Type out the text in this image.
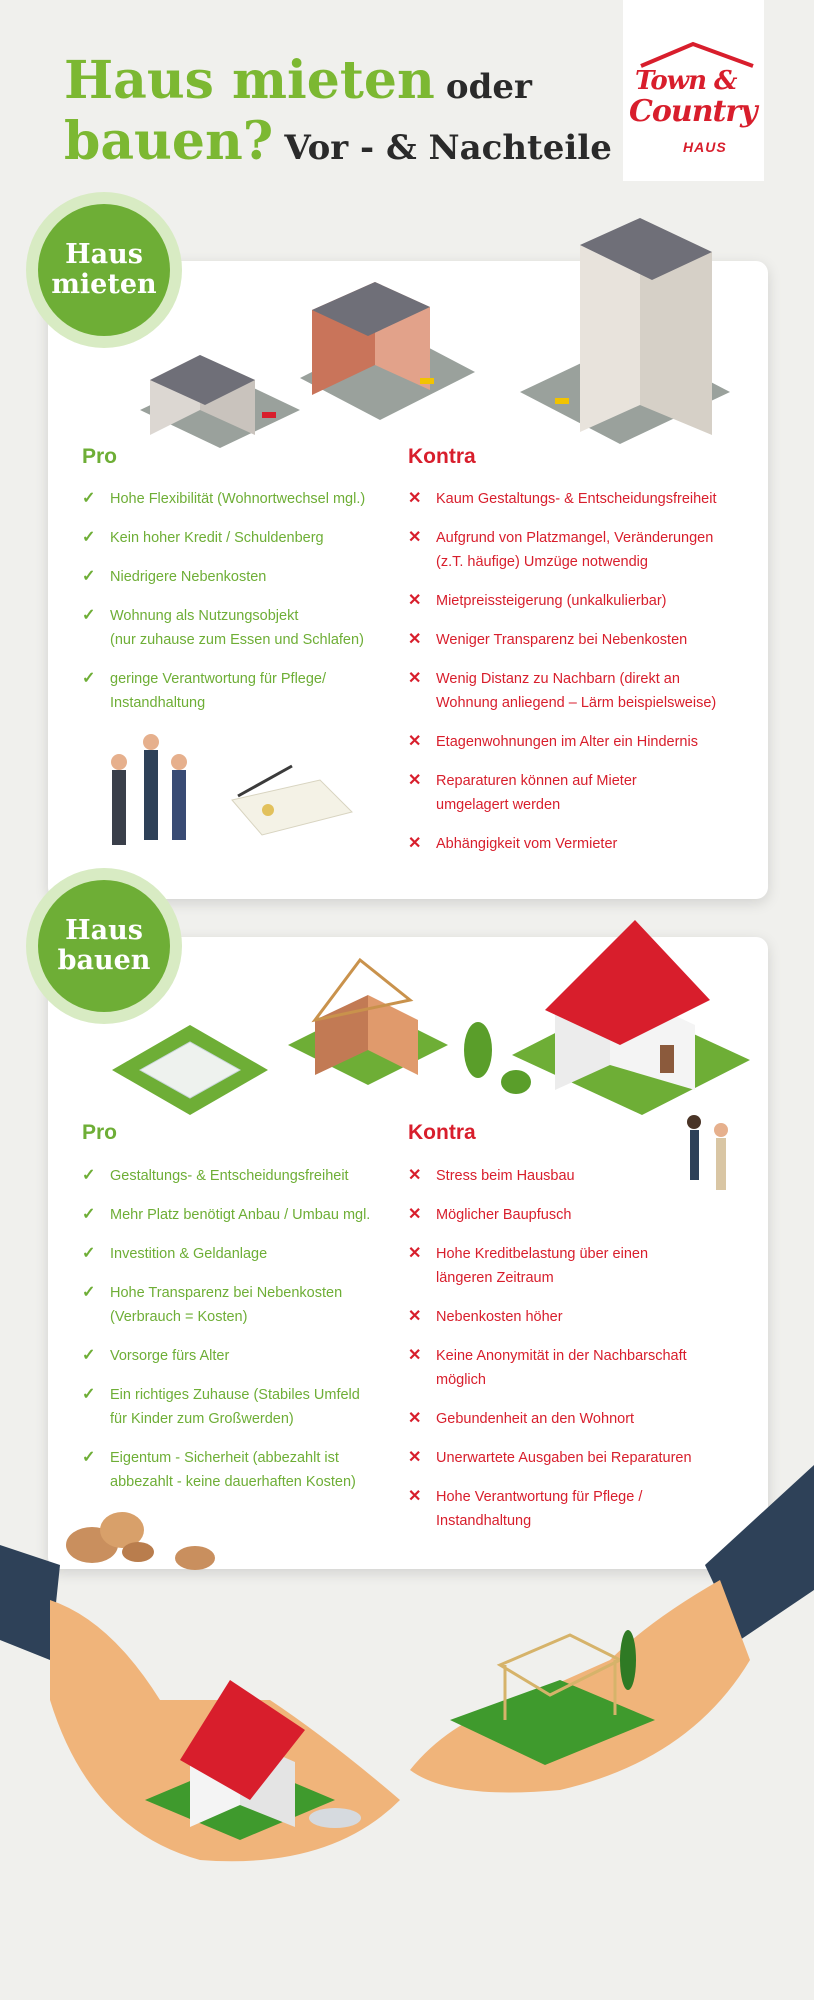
Haus mieten oder
bauen? Vor - & Nachteile
Town &
Country
HAUS
Haus
mieten
Pro	Kontra
✓	Hohe Flexibilität (Wohnortwechsel mgl.)
✓	Kein hoher Kredit / Schuldenberg
✓	Niedrigere Nebenkosten
✓	Wohnung als Nutzungsobjekt
(nur zuhause zum Essen und Schlafen)
✓	geringe Verantwortung für Pflege/
Instandhaltung
✕	Kaum Gestaltungs- & Entscheidungsfreiheit
✕	Aufgrund von Platzmangel, Veränderungen
(z.T. häufige) Umzüge notwendig
✕	Mietpreissteigerung (unkalkulierbar)
✕	Weniger Transparenz bei Nebenkosten
✕	Wenig Distanz zu Nachbarn (direkt an
Wohnung anliegend – Lärm beispielsweise)
✕	Etagenwohnungen im Alter ein Hindernis
✕	Reparaturen können auf Mieter
umgelagert werden
✕	Abhängigkeit vom Vermieter
Haus
bauen
Pro	Kontra
✓	Gestaltungs- & Entscheidungsfreiheit
✓	Mehr Platz benötigt Anbau / Umbau mgl.
✓	Investition & Geldanlage
✓	Hohe Transparenz bei Nebenkosten
(Verbrauch = Kosten)
✓	Vorsorge fürs Alter
✓	Ein richtiges Zuhause (Stabiles Umfeld
für Kinder zum Großwerden)
✓	Eigentum - Sicherheit (abbezahlt ist
abbezahlt - keine dauerhaften Kosten)
✕	Stress beim Hausbau
✕	Möglicher Baupfusch
✕	Hohe Kreditbelastung über einen
längeren Zeitraum
✕	Nebenkosten höher
✕	Keine Anonymität in der Nachbarschaft
möglich
✕	Gebundenheit an den Wohnort
✕	Unerwartete Ausgaben bei Reparaturen
✕	Hohe Verantwortung für Pflege /
Instandhaltung
